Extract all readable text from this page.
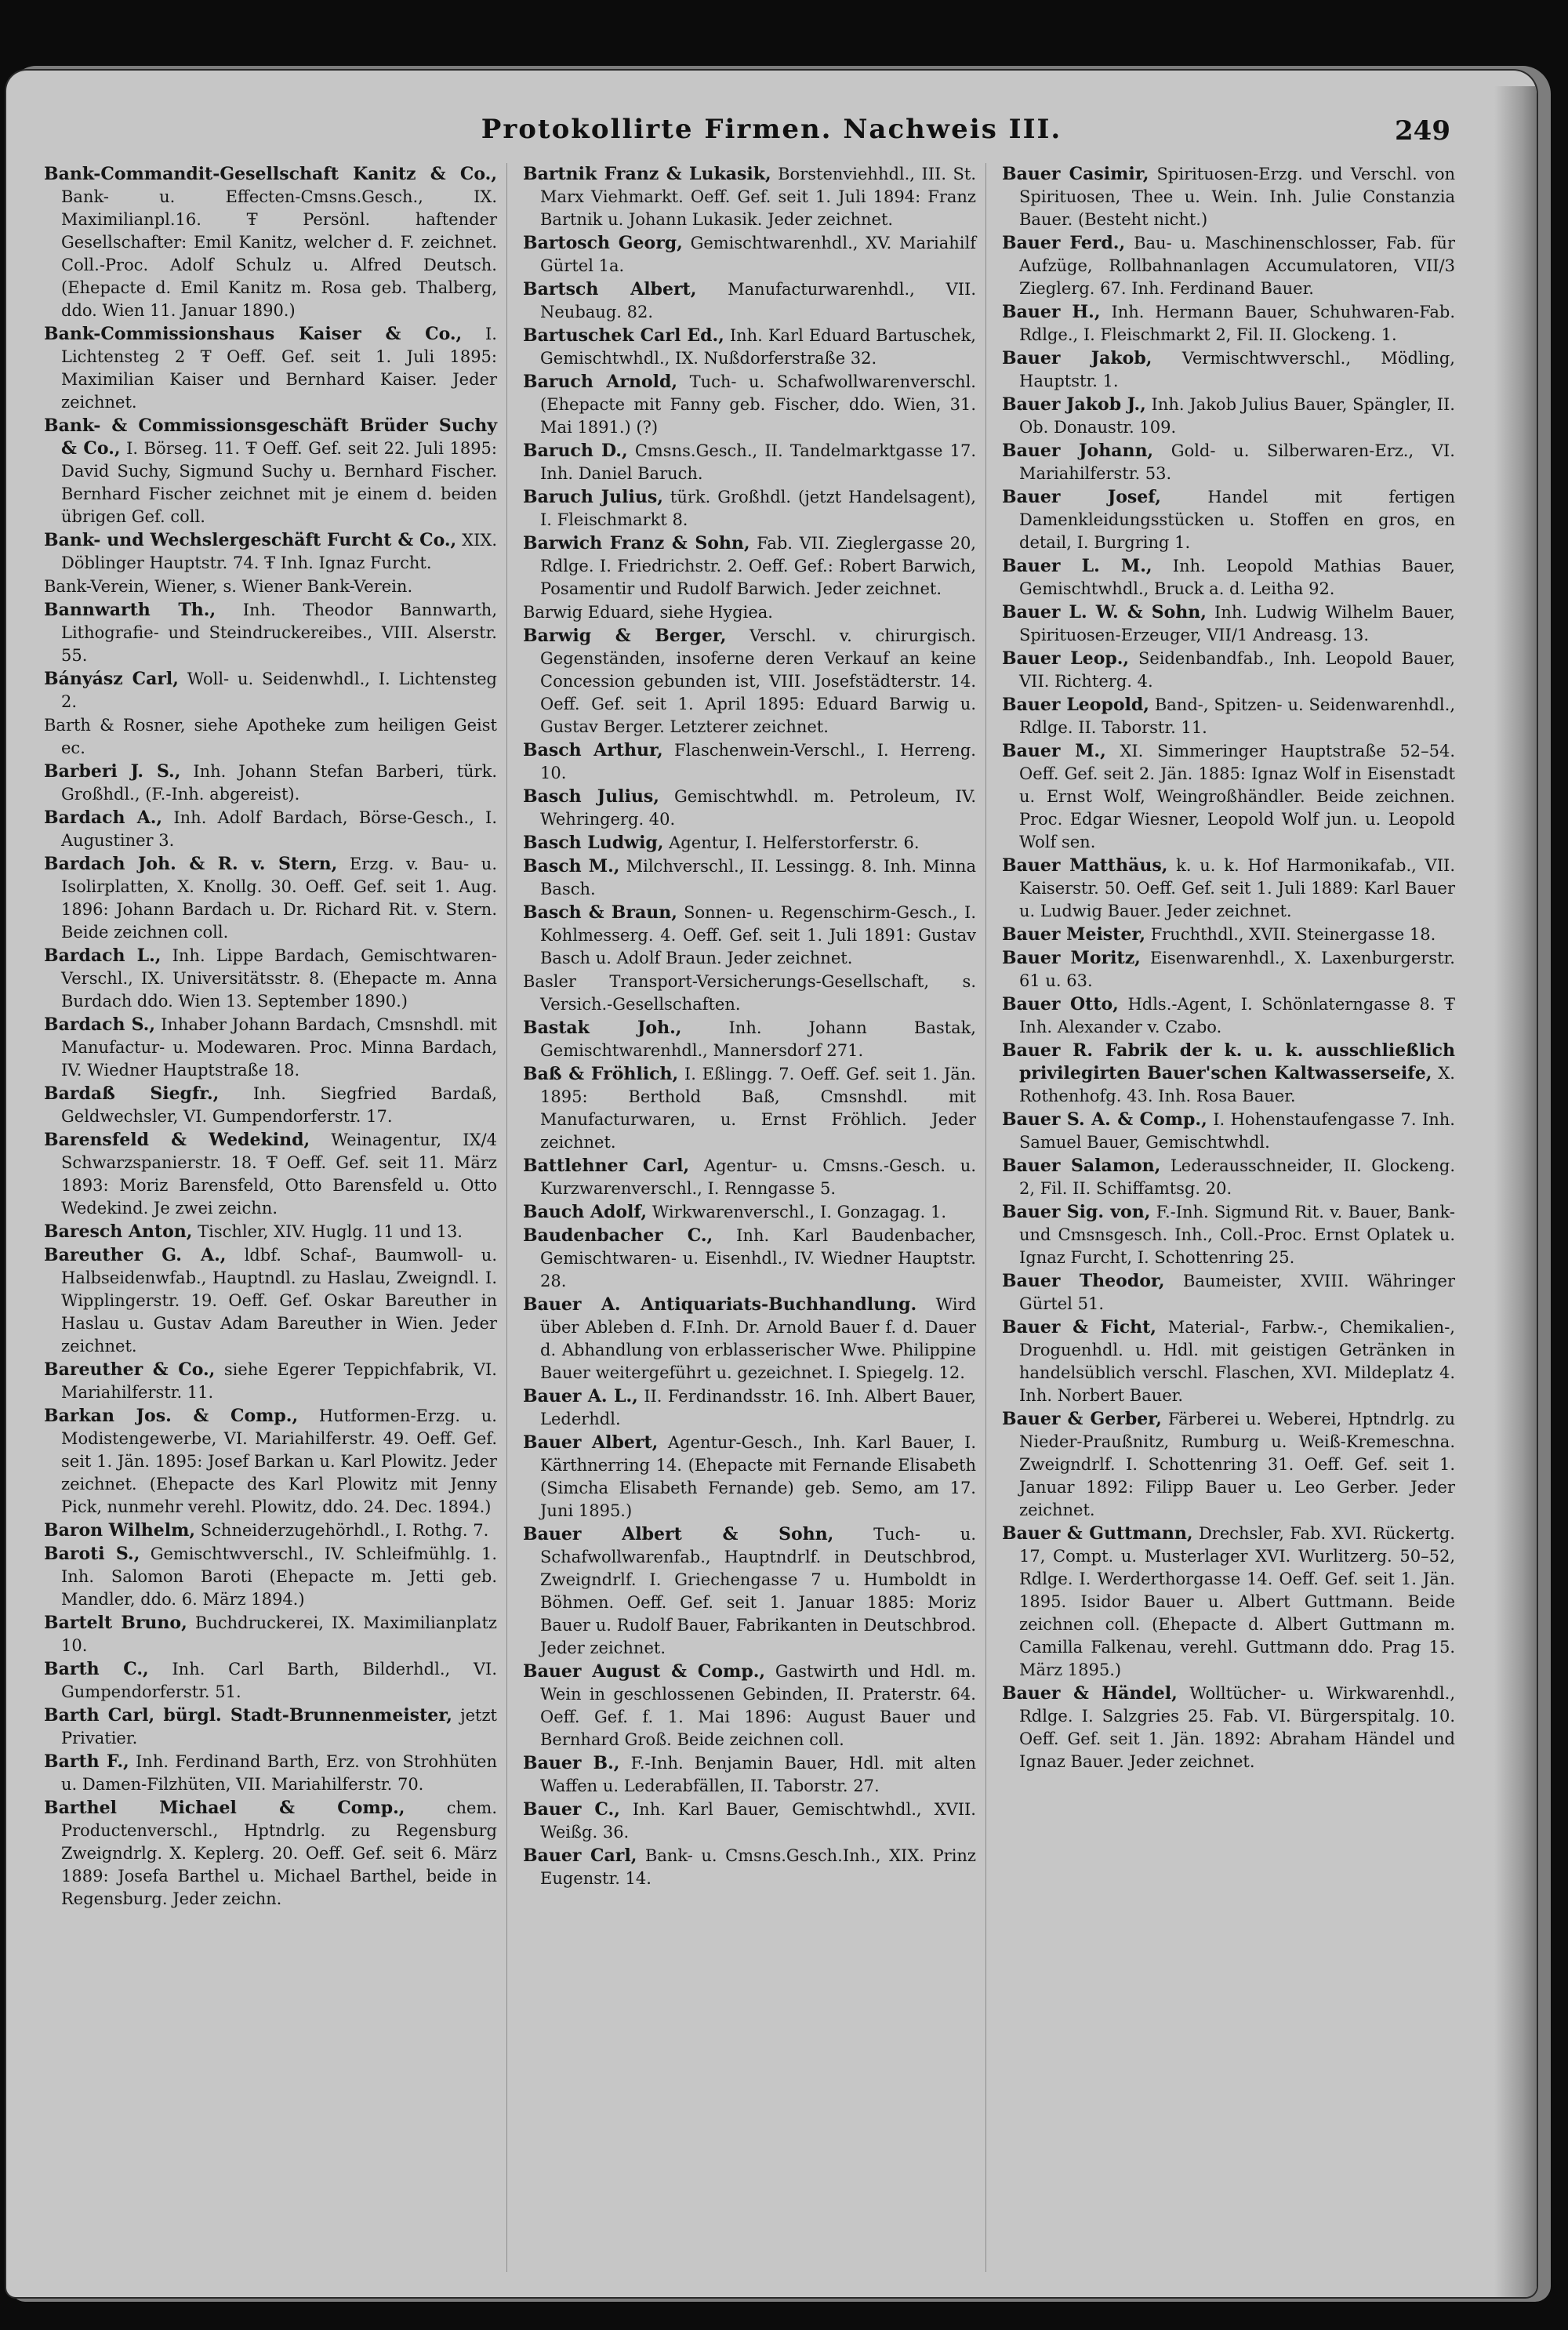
Protokollirte Firmen. Nachweis III.	249

Bank-Commandit-Gesellschaft Kanitz & Co., Bank- u. Effecten-Cmsns.Gesch., IX. Maximilianpl.16. Ŧ Persönl. haftender Gesellschafter: Emil Kanitz, welcher d. F. zeichnet. Coll.-Proc. Adolf Schulz u. Alfred Deutsch. (Ehepacte d. Emil Kanitz m. Rosa geb. Thalberg, ddo. Wien 11. Januar 1890.)

Bank-Commissionshaus Kaiser & Co., I. Lichtensteg 2 Ŧ Oeff. Gef. seit 1. Juli 1895: Maximilian Kaiser und Bernhard Kaiser. Jeder zeichnet.

Bank- & Commissionsgeschäft Brüder Suchy & Co., I. Börseg. 11. Ŧ Oeff. Gef. seit 22. Juli 1895: David Suchy, Sigmund Suchy u. Bernhard Fischer. Bernhard Fischer zeichnet mit je einem d. beiden übrigen Gef. coll.

Bank- und Wechslergeschäft Furcht & Co., XIX. Döblinger Hauptstr. 74. Ŧ Inh. Ignaz Furcht.

Bank-Verein, Wiener, s. Wiener Bank-Verein.

Bannwarth Th., Inh. Theodor Bannwarth, Lithografie- und Steindruckereibes., VIII. Alserstr. 55.

Bányász Carl, Woll- u. Seidenwhdl., I. Lichtensteg 2.

Barth & Rosner, siehe Apotheke zum heiligen Geist ec.

Barberi J. S., Inh. Johann Stefan Barberi, türk. Großhdl., (F.-Inh. abgereist).

Bardach A., Inh. Adolf Bardach, Börse-Gesch., I. Augustiner 3.

Bardach Joh. & R. v. Stern, Erzg. v. Bau- u. Isolirplatten, X. Knollg. 30. Oeff. Gef. seit 1. Aug. 1896: Johann Bardach u. Dr. Richard Rit. v. Stern. Beide zeichnen coll.

Bardach L., Inh. Lippe Bardach, Gemischtwaren-Verschl., IX. Universitätsstr. 8. (Ehepacte m. Anna Burdach ddo. Wien 13. September 1890.)

Bardach S., Inhaber Johann Bardach, Cmsnshdl. mit Manufactur- u. Modewaren. Proc. Minna Bardach, IV. Wiedner Hauptstraße 18.

Bardaß Siegfr., Inh. Siegfried Bardaß, Geldwechsler, VI. Gumpendorferstr. 17.

Barensfeld & Wedekind, Weinagentur, IX/4 Schwarzspanierstr. 18. Ŧ Oeff. Gef. seit 11. März 1893: Moriz Barensfeld, Otto Barensfeld u. Otto Wedekind. Je zwei zeichn.

Baresch Anton, Tischler, XIV. Huglg. 11 und 13.

Bareuther G. A., ldbf. Schaf-, Baumwoll- u. Halbseidenwfab., Hauptndl. zu Haslau, Zweigndl. I. Wipplingerstr. 19. Oeff. Gef. Oskar Bareuther in Haslau u. Gustav Adam Bareuther in Wien. Jeder zeichnet.

Bareuther & Co., siehe Egerer Teppichfabrik, VI. Mariahilferstr. 11.

Barkan Jos. & Comp., Hutformen-Erzg. u. Modistengewerbe, VI. Mariahilferstr. 49. Oeff. Gef. seit 1. Jän. 1895: Josef Barkan u. Karl Plowitz. Jeder zeichnet. (Ehepacte des Karl Plowitz mit Jenny Pick, nunmehr verehl. Plowitz, ddo. 24. Dec. 1894.)

Baron Wilhelm, Schneiderzugehörhdl., I. Rothg. 7.

Baroti S., Gemischtwverschl., IV. Schleifmühlg. 1. Inh. Salomon Baroti (Ehepacte m. Jetti geb. Mandler, ddo. 6. März 1894.)

Bartelt Bruno, Buchdruckerei, IX. Maximilianplatz 10.

Barth C., Inh. Carl Barth, Bilderhdl., VI. Gumpendorferstr. 51.

Barth Carl, bürgl. Stadt-Brunnenmeister, jetzt Privatier.

Barth F., Inh. Ferdinand Barth, Erz. von Strohhüten u. Damen-Filzhüten, VII. Mariahilferstr. 70.

Barthel Michael & Comp.,	chem. Productenverschl., Hptndrlg. zu Regensburg Zweigndrlg. X. Keplerg. 20. Oeff. Gef. seit 6. März 1889: Josefa Barthel u. Michael Barthel, beide in Regensburg. Jeder zeichn.

Bartnik Franz & Lukasik, Borstenviehhdl., III. St. Marx Viehmarkt. Oeff. Gef. seit 1. Juli 1894: Franz Bartnik u. Johann Lukasik. Jeder zeichnet.

Bartosch Georg, Gemischtwarenhdl., XV. Mariahilf Gürtel 1a.

Bartsch Albert, Manufacturwarenhdl., VII. Neubaug. 82.

Bartuschek Carl Ed., Inh. Karl Eduard Bartuschek, Gemischtwhdl., IX. Nußdorferstraße 32.

Baruch Arnold, Tuch- u. Schafwollwarenverschl. (Ehepacte mit Fanny geb. Fischer, ddo. Wien, 31. Mai 1891.) (?)

Baruch D., Cmsns.Gesch., II. Tandelmarktgasse 17. Inh. Daniel Baruch.

Baruch Julius, türk. Großhdl. (jetzt Handelsagent), I. Fleischmarkt 8.

Barwich Franz & Sohn, Fab. VII. Zieglergasse 20, Rdlge. I. Friedrichstr. 2. Oeff. Gef.: Robert Barwich, Posamentir und Rudolf Barwich. Jeder zeichnet.

Barwig Eduard, siehe Hygiea.

Barwig & Berger, Verschl. v. chirurgisch. Gegenständen, insoferne deren Verkauf an keine Concession gebunden ist, VIII. Josefstädterstr. 14. Oeff. Gef. seit 1. April 1895: Eduard Barwig u. Gustav Berger. Letzterer zeichnet.

Basch Arthur, Flaschenwein-Verschl., I. Herreng. 10.

Basch Julius, Gemischtwhdl. m. Petroleum, IV. Wehringerg. 40.

Basch Ludwig, Agentur, I. Helferstorferstr. 6.

Basch M., Milchverschl., II. Lessingg. 8. Inh. Minna Basch.

Basch & Braun, Sonnen- u. Regenschirm-Gesch., I. Kohlmesserg. 4. Oeff. Gef. seit 1. Juli 1891: Gustav Basch u. Adolf Braun. Jeder zeichnet.

Basler Transport-Versicherungs-Gesellschaft, s. Versich.-Gesellschaften.

Bastak Joh.,	Inh. Johann Bastak, Gemischtwarenhdl., Mannersdorf 271.

Baß & Fröhlich, I. Eßlingg. 7. Oeff. Gef. seit 1. Jän. 1895: Berthold Baß, Cmsnshdl. mit Manufacturwaren, u. Ernst Fröhlich. Jeder zeichnet.

Battlehner Carl, Agentur- u. Cmsns.-Gesch. u. Kurzwarenverschl., I. Renngasse 5.

Bauch Adolf, Wirkwarenverschl., I. Gonzagag. 1.

Baudenbacher C., Inh. Karl Baudenbacher, Gemischtwaren- u. Eisenhdl., IV. Wiedner Hauptstr. 28.

Bauer A. Antiquariats-Buchhandlung. Wird über Ableben d. F.Inh. Dr. Arnold Bauer f. d. Dauer d. Abhandlung von erblasserischer Wwe. Philippine Bauer weitergeführt u. gezeichnet. I. Spiegelg. 12.

Bauer A. L., II. Ferdinandsstr. 16. Inh. Albert Bauer, Lederhdl.

Bauer Albert, Agentur-Gesch., Inh. Karl Bauer, I. Kärthnerring 14. (Ehepacte mit Fernande Elisabeth (Simcha Elisabeth Fernande) geb. Semo, am 17. Juni 1895.)

Bauer Albert & Sohn, Tuch- u. Schafwollwarenfab., Hauptndrlf. in Deutschbrod, Zweigndrlf. I. Griechengasse 7 u. Humboldt in Böhmen. Oeff. Gef. seit 1. Januar 1885: Moriz Bauer u. Rudolf Bauer, Fabrikanten in Deutschbrod. Jeder zeichnet.

Bauer August & Comp., Gastwirth und Hdl. m. Wein in geschlossenen Gebinden, II. Praterstr. 64. Oeff. Gef. f. 1. Mai 1896: August Bauer und Bernhard Groß. Beide zeichnen coll.

Bauer B., F.-Inh. Benjamin Bauer, Hdl. mit alten Waffen u. Lederabfällen, II. Taborstr. 27.

Bauer C., Inh. Karl Bauer, Gemischtwhdl., XVII. Weißg. 36.

Bauer Carl, Bank- u. Cmsns.Gesch.Inh., XIX. Prinz Eugenstr. 14.

Bauer Casimir, Spirituosen-Erzg. und Verschl. von Spirituosen, Thee u. Wein. Inh. Julie Constanzia Bauer. (Besteht nicht.)

Bauer Ferd., Bau- u. Maschinenschlosser, Fab. für Aufzüge, Rollbahnanlagen Accumulatoren, VII/3 Zieglerg. 67. Inh. Ferdinand Bauer.

Bauer H., Inh. Hermann Bauer, Schuhwaren-Fab. Rdlge., I. Fleischmarkt 2, Fil. II. Glockeng. 1.

Bauer Jakob, Vermischtwverschl., Mödling, Hauptstr. 1.

Bauer Jakob J., Inh. Jakob Julius Bauer, Spängler, II. Ob. Donaustr. 109.

Bauer Johann, Gold- u. Silberwaren-Erz., VI. Mariahilferstr. 53.

Bauer Josef,	Handel mit fertigen Damenkleidungsstücken u. Stoffen en gros, en detail, I. Burgring 1.

Bauer L. M., Inh. Leopold Mathias Bauer, Gemischtwhdl., Bruck a. d. Leitha 92.

Bauer L. W. & Sohn, Inh. Ludwig Wilhelm Bauer, Spirituosen-Erzeuger, VII/1 Andreasg. 13.

Bauer Leop., Seidenbandfab., Inh. Leopold Bauer, VII. Richterg. 4.

Bauer Leopold, Band-, Spitzen- u. Seidenwarenhdl., Rdlge. II. Taborstr. 11.

Bauer M., XI. Simmeringer Hauptstraße 52–54. Oeff. Gef. seit 2. Jän. 1885: Ignaz Wolf in Eisenstadt u. Ernst Wolf, Weingroßhändler. Beide zeichnen. Proc. Edgar Wiesner, Leopold Wolf jun. u. Leopold Wolf sen.

Bauer Matthäus, k. u. k. Hof Harmonikafab., VII. Kaiserstr. 50. Oeff. Gef. seit 1. Juli 1889: Karl Bauer u. Ludwig Bauer. Jeder zeichnet.

Bauer Meister, Fruchthdl., XVII. Steinergasse 18.

Bauer Moritz, Eisenwarenhdl., X. Laxenburgerstr. 61 u. 63.

Bauer Otto, Hdls.-Agent, I. Schönlaterngasse 8. Ŧ Inh. Alexander v. Czabo.

Bauer R. Fabrik der k. u. k. ausschließlich privilegirten Bauer'schen Kaltwasserseife, X. Rothenhofg. 43. Inh. Rosa Bauer.

Bauer S. A. & Comp., I. Hohenstaufengasse 7. Inh. Samuel Bauer, Gemischtwhdl.

Bauer Salamon, Lederausschneider, II. Glockeng. 2, Fil. II. Schiffamtsg. 20.

Bauer Sig. von, F.-Inh. Sigmund Rit. v. Bauer, Bank- und Cmsnsgesch. Inh., Coll.-Proc. Ernst Oplatek u. Ignaz Furcht, I. Schottenring 25.

Bauer Theodor, Baumeister, XVIII. Währinger Gürtel 51.

Bauer & Ficht, Material-, Farbw.-, Chemikalien-, Droguenhdl. u. Hdl. mit geistigen Getränken in handelsüblich verschl. Flaschen, XVI. Mildeplatz 4. Inh. Norbert Bauer.

Bauer & Gerber, Färberei u. Weberei, Hptndrlg. zu Nieder-Praußnitz, Rumburg u. Weiß-Kremeschna. Zweigndrlf. I. Schottenring 31. Oeff. Gef. seit 1. Januar 1892: Filipp Bauer u. Leo Gerber. Jeder zeichnet.

Bauer & Guttmann, Drechsler, Fab. XVI. Rückertg. 17, Compt. u. Musterlager XVI. Wurlitzerg. 50–52, Rdlge. I. Werderthorgasse 14. Oeff. Gef. seit 1. Jän. 1895. Isidor Bauer u. Albert Guttmann. Beide zeichnen coll. (Ehepacte d. Albert Guttmann m. Camilla Falkenau, verehl. Guttmann ddo. Prag 15. März 1895.)

Bauer & Händel, Wolltücher- u. Wirkwarenhdl., Rdlge. I. Salzgries 25. Fab. VI. Bürgerspitalg. 10. Oeff. Gef. seit 1. Jän. 1892: Abraham Händel und Ignaz Bauer. Jeder zeichnet.
